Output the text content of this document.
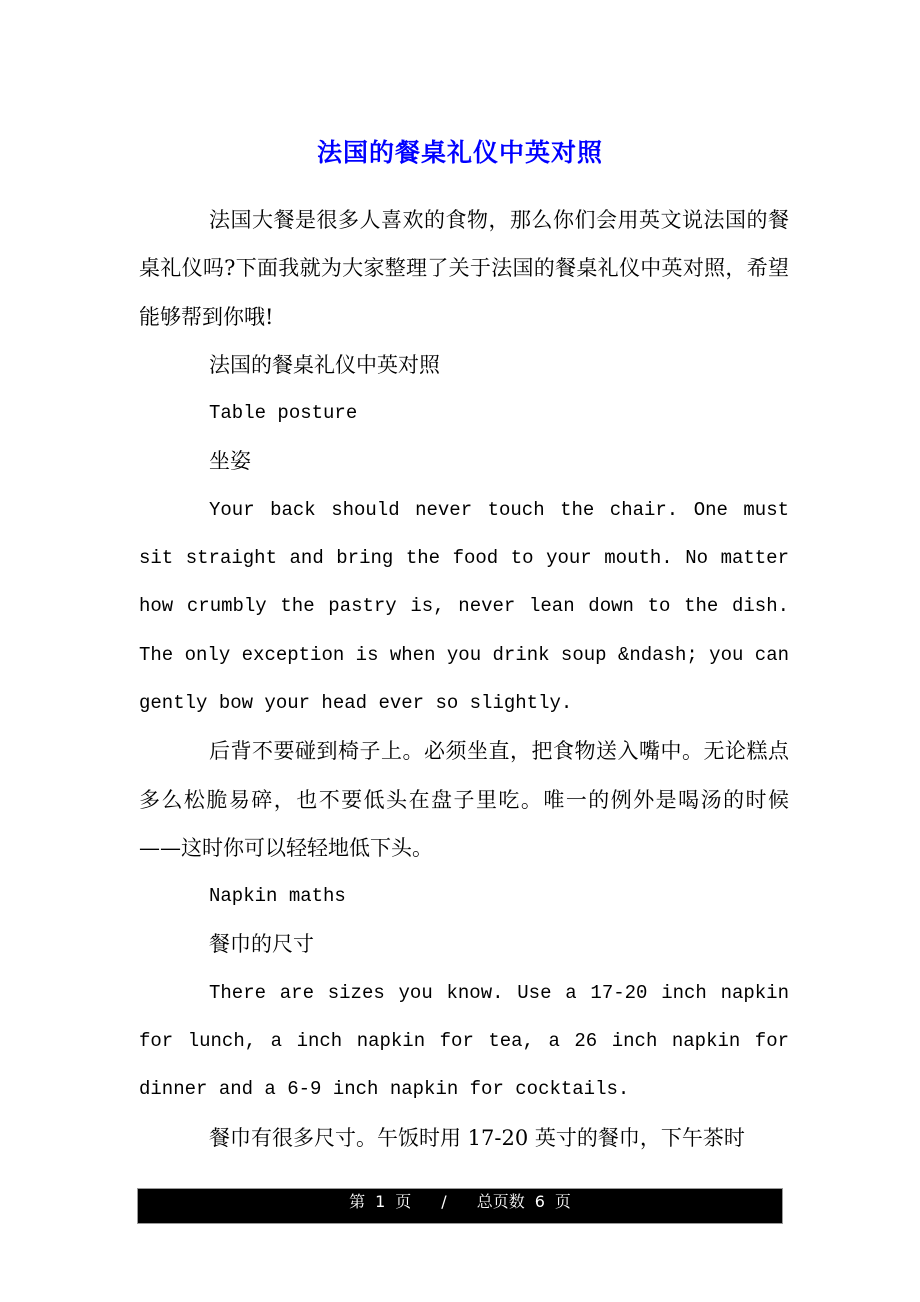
法国的餐桌礼仪中英对照

法国大餐是很多人喜欢的食物，那么你们会用英文说法国的餐桌礼仪吗?下面我就为大家整理了关于法国的餐桌礼仪中英对照，希望能够帮到你哦!

法国的餐桌礼仪中英对照

Table posture

坐姿

Your back should never touch the chair. One must sit straight and bring the food to your mouth. No matter how crumbly the pastry is, never lean down to the dish. The only exception is when you drink soup &ndash; you can gently bow your head ever so slightly.

后背不要碰到椅子上。必须坐直，把食物送入嘴中。无论糕点多么松脆易碎，也不要低头在盘子里吃。唯一的例外是喝汤的时候——这时你可以轻轻地低下头。

Napkin maths

餐巾的尺寸

There are sizes you know. Use a 17-20 inch napkin for lunch, a inch napkin for tea, a 26 inch napkin for dinner and a 6-9 inch napkin for cocktails.

餐巾有很多尺寸。午饭时用 17-20 英寸的餐巾，下午茶时

第 1 页 / 总页数 6 页
